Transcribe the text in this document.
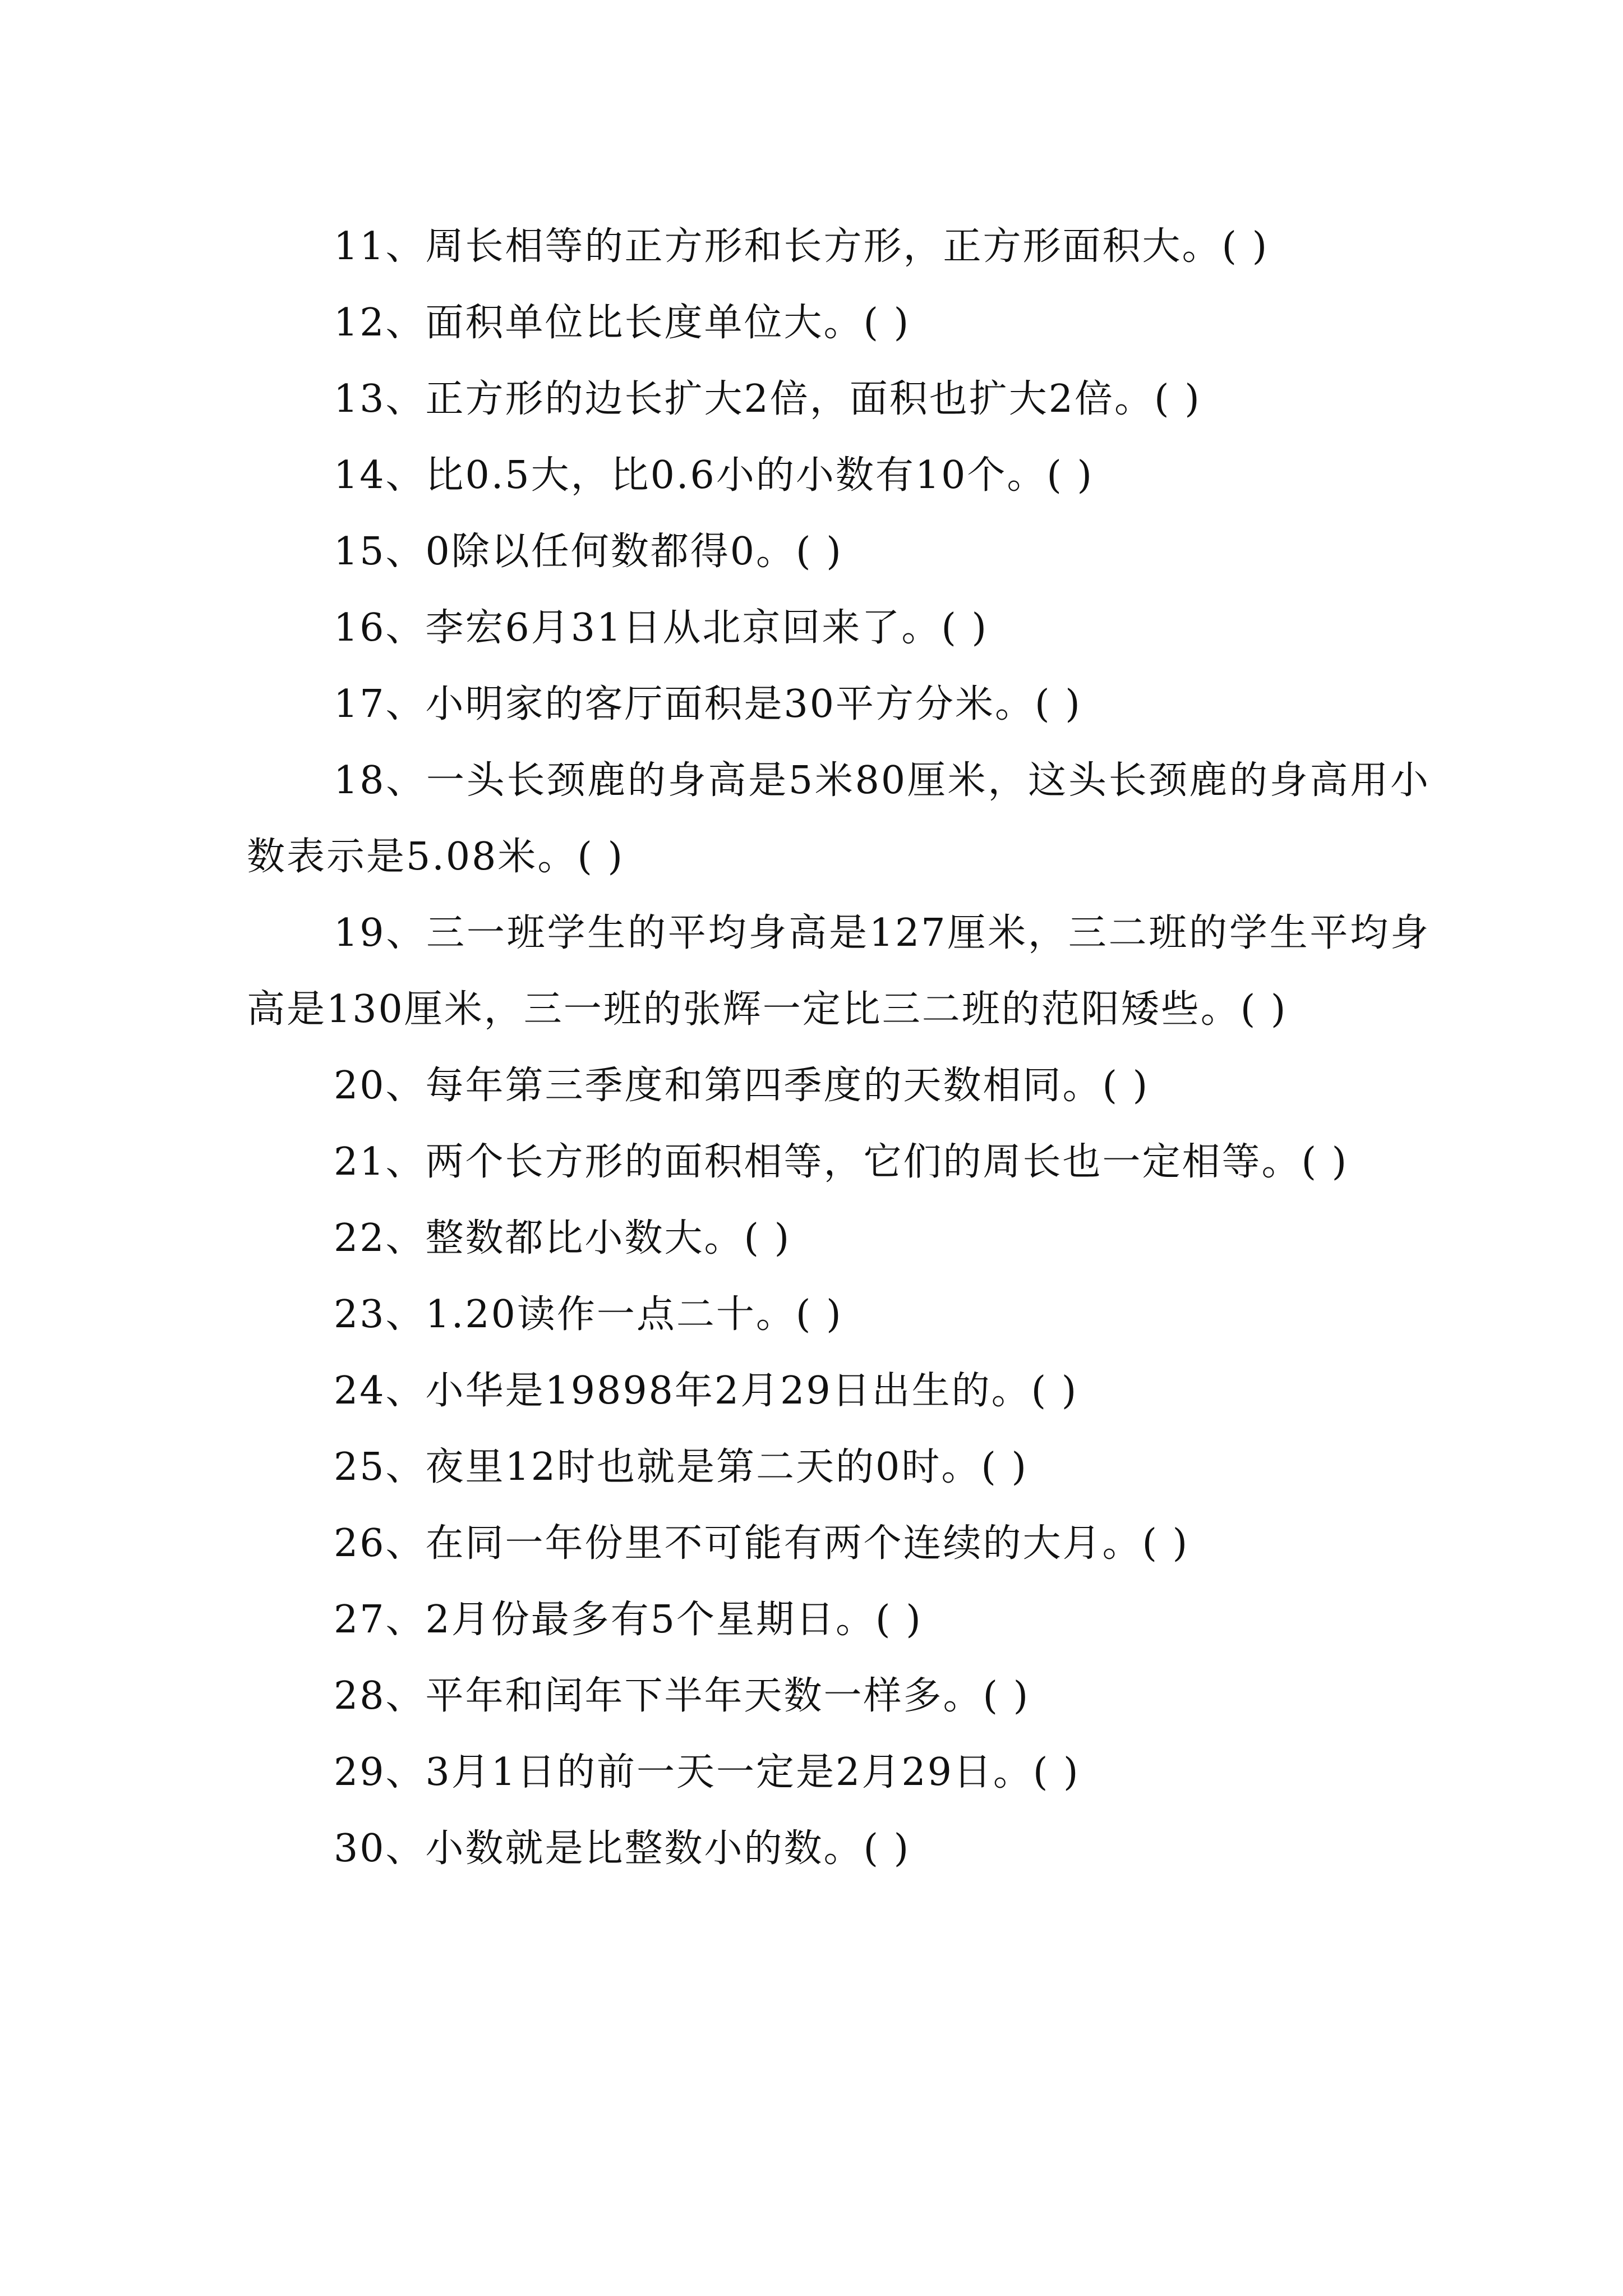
11、周长相等的正方形和长方形，正方形面积大。( )

12、面积单位比长度单位大。( )

13、正方形的边长扩大2倍，面积也扩大2倍。( )

14、比0.5大，比0.6小的小数有10个。( )

15、0除以任何数都得0。( )

16、李宏6月31日从北京回来了。( )

17、小明家的客厅面积是30平方分米。( )

18、一头长颈鹿的身高是5米80厘米，这头长颈鹿的身高用小数表示是5.08米。( )

19、三一班学生的平均身高是127厘米，三二班的学生平均身高是130厘米，三一班的张辉一定比三二班的范阳矮些。( )

20、每年第三季度和第四季度的天数相同。( )

21、两个长方形的面积相等，它们的周长也一定相等。( )

22、整数都比小数大。( )

23、1.20读作一点二十。( )

24、小华是19898年2月29日出生的。( )

25、夜里12时也就是第二天的0时。( )

26、在同一年份里不可能有两个连续的大月。( )

27、2月份最多有5个星期日。( )

28、平年和闰年下半年天数一样多。( )

29、3月1日的前一天一定是2月29日。( )

30、小数就是比整数小的数。( )
